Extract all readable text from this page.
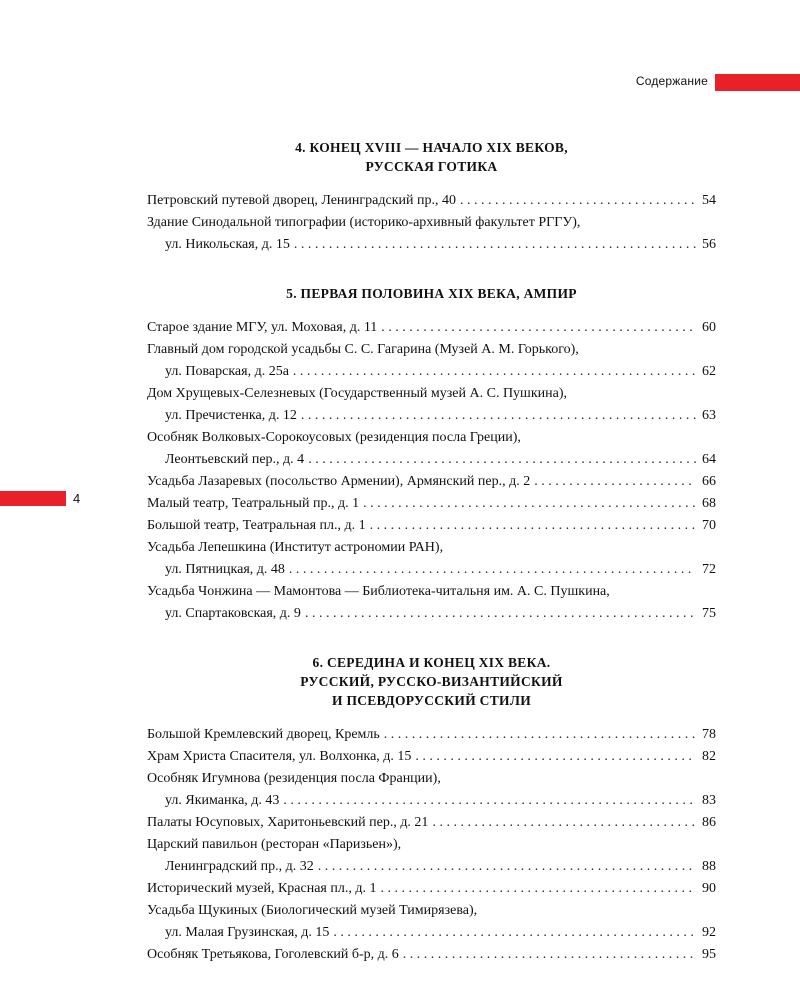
Содержание
4
4. КОНЕЦ XVIII — НАЧАЛО XIX ВЕКОВ,
РУССКАЯ ГОТИКА
Петровский путевой дворец, Ленинградский пр., 40 . . .	54
Здание Синодальной типографии (историко-архивный факультет РГГУ),
ул. Никольская, д. 15 . . .	56
5. ПЕРВАЯ ПОЛОВИНА XIX ВЕКА, АМПИР
Старое здание МГУ, ул. Моховая, д. 11 . . .	60
Главный дом городской усадьбы С. С. Гагарина (Музей А. М. Горького),
ул. Поварская, д. 25а . . .	62
Дом Хрущевых-Селезневых (Государственный музей А. С. Пушкина),
ул. Пречистенка, д. 12 . . .	63
Особняк Волковых-Сорокоусовых (резиденция посла Греции),
Леонтьевский пер., д. 4 . . .	64
Усадьба Лазаревых (посольство Армении), Армянский пер., д. 2 . . .	66
Малый театр, Театральный пр., д. 1 . . .	68
Большой театр, Театральная пл., д. 1 . . .	70
Усадьба Лепешкина (Институт астрономии РАН),
ул. Пятницкая, д. 48 . . .	72
Усадьба Чонжина — Мамонтова — Библиотека-читальня им. А. С. Пушкина,
ул. Спартаковская, д. 9 . . .	75
6. СЕРЕДИНА И КОНЕЦ XIX ВЕКА.
РУССКИЙ, РУССКО-ВИЗАНТИЙСКИЙ
И ПСЕВДОРУССКИЙ СТИЛИ
Большой Кремлевский дворец, Кремль . . .	78
Храм Христа Спасителя, ул. Волхонка, д. 15 . . .	82
Особняк Игумнова (резиденция посла Франции),
ул. Якиманка, д. 43 . . .	83
Палаты Юсуповых, Харитоньевский пер., д. 21 . . .	86
Царский павильон (ресторан «Паризьен»),
Ленинградский пр., д. 32 . . .	88
Исторический музей, Красная пл., д. 1 . . .	90
Усадьба Щукиных (Биологический музей Тимирязева),
ул. Малая Грузинская, д. 15 . . .	92
Особняк Третьякова, Гоголевский б-р, д. 6 . . .	95
